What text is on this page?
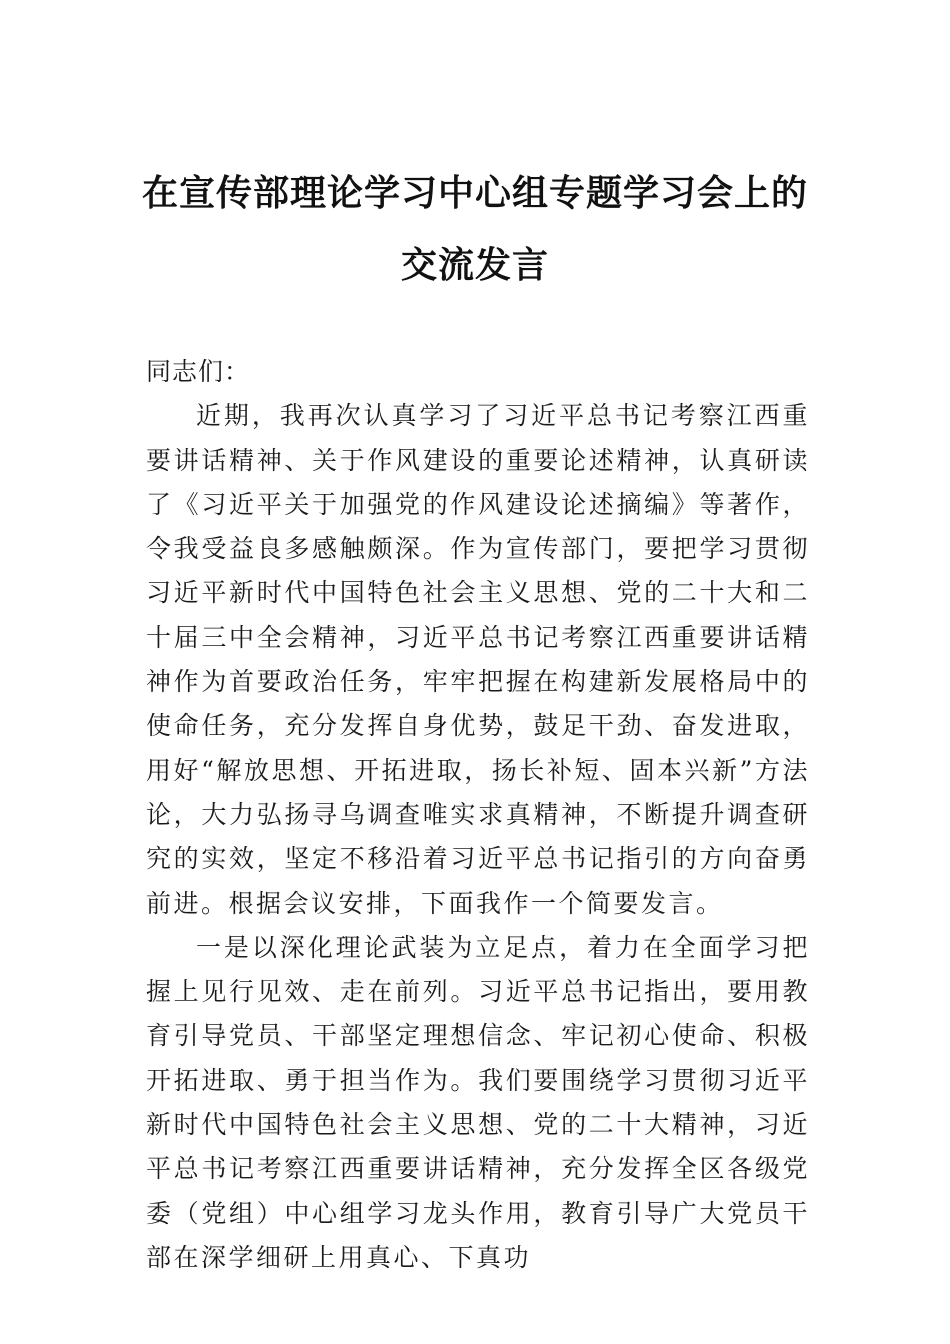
在宣传部理论学习中心组专题学习会上的
交流发言

同志们：

近期，我再次认真学习了习近平总书记考察江西重要讲话精神、关于作风建设的重要论述精神，认真研读了《习近平关于加强党的作风建设论述摘编》等著作，令我受益良多感触颇深。作为宣传部门，要把学习贯彻习近平新时代中国特色社会主义思想、党的二十大和二十届三中全会精神，习近平总书记考察江西重要讲话精神作为首要政治任务，牢牢把握在构建新发展格局中的使命任务，充分发挥自身优势，鼓足干劲、奋发进取，用好“解放思想、开拓进取，扬长补短、固本兴新”方法论，大力弘扬寻乌调查唯实求真精神，不断提升调查研究的实效，坚定不移沿着习近平总书记指引的方向奋勇前进。根据会议安排，下面我作一个简要发言。

一是以深化理论武装为立足点，着力在全面学习把握上见行见效、走在前列。习近平总书记指出，要用教育引导党员、干部坚定理想信念、牢记初心使命、积极开拓进取、勇于担当作为。我们要围绕学习贯彻习近平新时代中国特色社会主义思想、党的二十大精神，习近平总书记考察江西重要讲话精神，充分发挥全区各级党委（党组）中心组学习龙头作用，教育引导广大党员干部在深学细研上用真心、下真功
